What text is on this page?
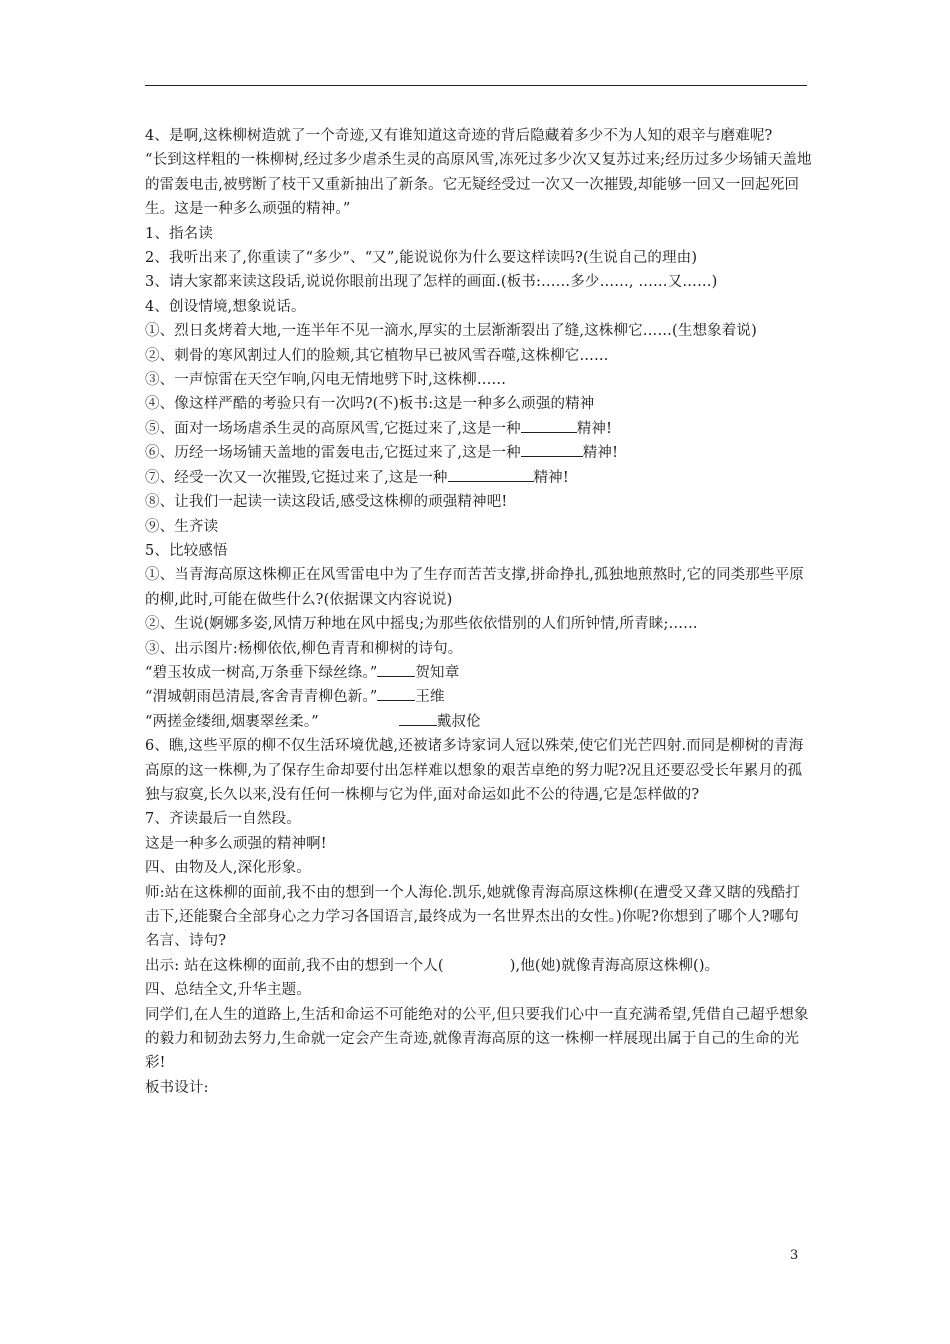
4、是啊,这株柳树造就了一个奇迹,又有谁知道这奇迹的背后隐藏着多少不为人知的艰辛与磨难呢?

“长到这样粗的一株柳树,经过多少虐杀生灵的高原风雪,冻死过多少次又复苏过来;经历过多少场铺天盖地的雷轰电击,被劈断了枝干又重新抽出了新条。它无疑经受过一次又一次摧毁,却能够一回又一回起死回生。这是一种多么顽强的精神。”

1、指名读

2、我听出来了,你重读了“多少”、“又”,能说说你为什么要这样读吗?(生说自己的理由)

3、请大家都来读这段话,说说你眼前出现了怎样的画面.(板书:……多少……, ……又……)

4、创设情境,想象说话。

①、烈日炙烤着大地,一连半年不见一滴水,厚实的土层渐渐裂出了缝,这株柳它……(生想象着说)

②、刺骨的寒风割过人们的脸颊,其它植物早已被风雪吞噬,这株柳它……

③、一声惊雷在天空乍响,闪电无情地劈下时,这株柳……

④、像这样严酷的考验只有一次吗?(不)板书:这是一种多么顽强的精神

⑤、面对一场场虐杀生灵的高原风雪,它挺过来了,这是一种	精神!

⑥、历经一场场铺天盖地的雷轰电击,它挺过来了,这是一种	精神!

⑦、经受一次又一次摧毁,它挺过来了,这是一种	精神!

⑧、让我们一起读一读这段话,感受这株柳的顽强精神吧!

⑨、生齐读

5、比较感悟

①、当青海高原这株柳正在风雪雷电中为了生存而苦苦支撑,拼命挣扎,孤独地煎熬时,它的同类那些平原的柳,此时,可能在做些什么?(依据课文内容说说)

②、生说(婀娜多姿,风情万种地在风中摇曳;为那些依依惜别的人们所钟情,所青睐;……

③、出示图片:杨柳依依,柳色青青和柳树的诗句。

“碧玉妆成一树高,万条垂下绿丝绦。”	贺知章

“渭城朝雨邑清晨,客舍青青柳色新。”	王维

“两搓金缕细,烟裹翠丝柔。”	戴叔伦

6、瞧,这些平原的柳不仅生活环境优越,还被诸多诗家词人冠以殊荣,使它们光芒四射.而同是柳树的青海高原的这一株柳,为了保存生命却要付出怎样难以想象的艰苦卓绝的努力呢?况且还要忍受长年累月的孤独与寂寞,长久以来,没有任何一株柳与它为伴,面对命运如此不公的待遇,它是怎样做的?

7、齐读最后一自然段。

这是一种多么顽强的精神啊!

四、由物及人,深化形象。

师:站在这株柳的面前,我不由的想到一个人海伦.凯乐,她就像青海高原这株柳(在遭受又聋又瞎的残酷打击下,还能聚合全部身心之力学习各国语言,最终成为一名世界杰出的女性。)你呢?你想到了哪个人?哪句名言、诗句?

出示: 站在这株柳的面前,我不由的想到一个人(	),他(她)就像青海高原这株柳()。

四、总结全文,升华主题。

同学们,在人生的道路上,生活和命运不可能绝对的公平,但只要我们心中一直充满希望,凭借自己超乎想象的毅力和韧劲去努力,生命就一定会产生奇迹,就像青海高原的这一株柳一样展现出属于自己的生命的光彩!

板书设计:

3
